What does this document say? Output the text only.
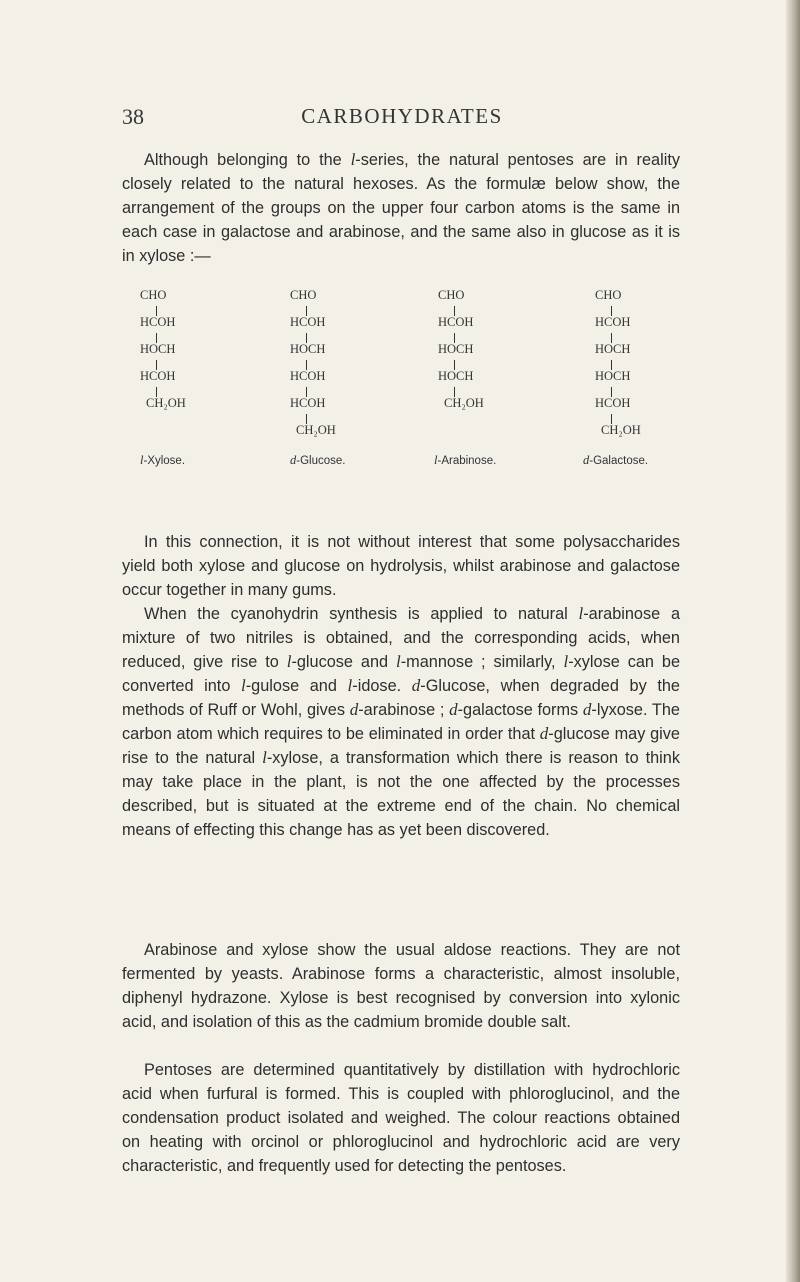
38	CARBOHYDRATES

Although belonging to the l-series, the natural pentoses are in reality closely related to the natural hexoses. As the formulæ below show, the arrangement of the groups on the upper four carbon atoms is the same in each case in galactose and arabinose, and the same also in glucose as it is in xylose :—

CHO
HCOH
HOCH
HCOH
CH₂OH
l-Xylose.
CHO
HCOH
HOCH
HCOH
HCOH
CH₂OH
d-Glucose.
CHO
HCOH
HOCH
HOCH
CH₂OH
l-Arabinose.
CHO
HCOH
HOCH
HOCH
HCOH
CH₂OH
d-Galactose.

In this connection, it is not without interest that some polysaccharides yield both xylose and glucose on hydrolysis, whilst arabinose and galactose occur together in many gums.

When the cyanohydrin synthesis is applied to natural l-arabinose a mixture of two nitriles is obtained, and the corresponding acids, when reduced, give rise to l-glucose and l-mannose ; similarly, l-xylose can be converted into l-gulose and l-idose. d-Glucose, when degraded by the methods of Ruff or Wohl, gives d-arabinose ; d-galactose forms d-lyxose. The carbon atom which requires to be eliminated in order that d-glucose may give rise to the natural l-xylose, a transformation which there is reason to think may take place in the plant, is not the one affected by the processes described, but is situated at the extreme end of the chain. No chemical means of effecting this change has as yet been discovered.

Arabinose and xylose show the usual aldose reactions. They are not fermented by yeasts. Arabinose forms a characteristic, almost insoluble, diphenyl hydrazone. Xylose is best recognised by conversion into xylonic acid, and isolation of this as the cadmium bromide double salt.

Pentoses are determined quantitatively by distillation with hydrochloric acid when furfural is formed. This is coupled with phloroglucinol, and the condensation product isolated and weighed. The colour reactions obtained on heating with orcinol or phloroglucinol and hydrochloric acid are very characteristic, and frequently used for detecting the pentoses.
